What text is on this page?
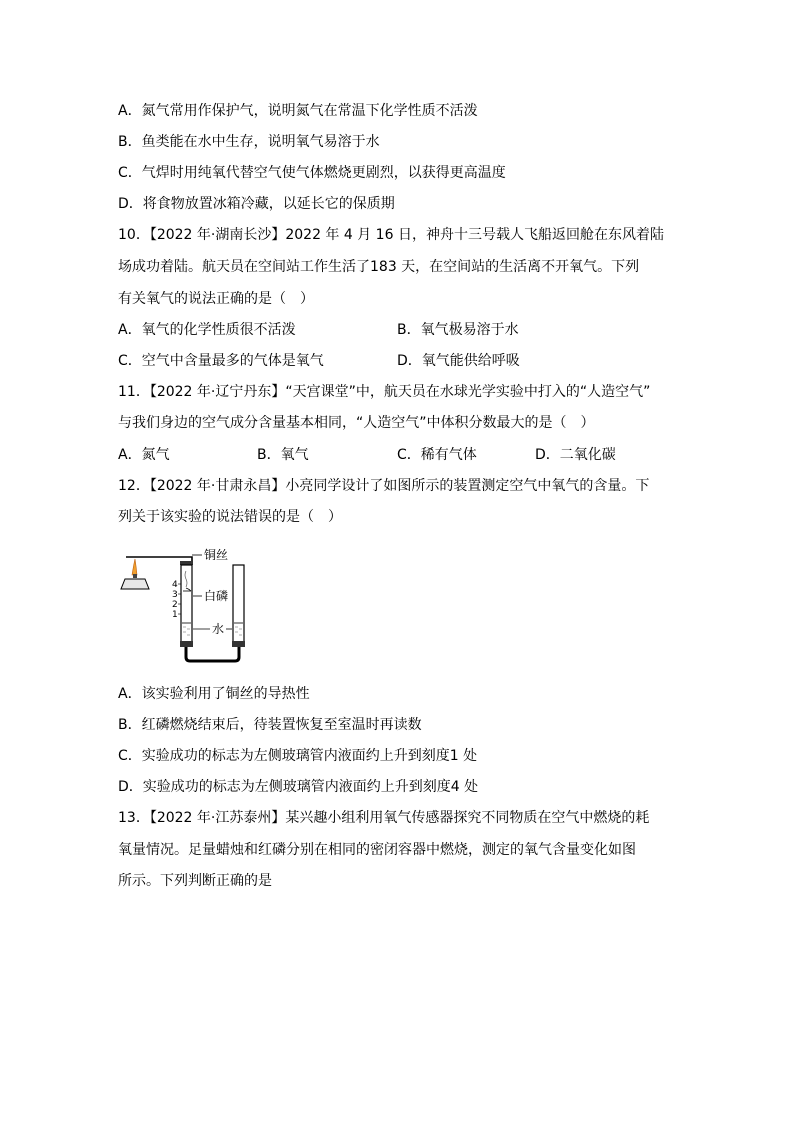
A．氮气常用作保护气，说明氮气在常温下化学性质不活泼
B．鱼类能在水中生存，说明氧气易溶于水
C．气焊时用纯氧代替空气使气体燃烧更剧烈，以获得更高温度
D．将食物放置冰箱冷藏，以延长它的保质期
10．【2022 年·湖南长沙】2022 年 4 月 16 日，神舟十三号载人飞船返回舱在东风着陆
场成功着陆。航天员在空间站工作生活了183 天，在空间站的生活离不开氧气。下列
有关氧气的说法正确的是（　）
A．氧气的化学性质很不活泼	B．氧气极易溶于水
C．空气中含量最多的气体是氧气	D．氧气能供给呼吸
11．【2022 年·辽宁丹东】“天宫课堂”中，航天员在水球光学实验中打入的“人造空气”
与我们身边的空气成分含量基本相同，“人造空气”中体积分数最大的是（　）
A．氮气	B．氧气	C．稀有气体	D．二氧化碳
12．【2022 年·甘肃永昌】小亮同学设计了如图所示的装置测定空气中氧气的含量。下
列关于该实验的说法错误的是（　）
铜丝
4
3
2
1
白磷
水
A．该实验利用了铜丝的导热性
B．红磷燃烧结束后，待装置恢复至室温时再读数
C．实验成功的标志为左侧玻璃管内液面约上升到刻度1 处
D．实验成功的标志为左侧玻璃管内液面约上升到刻度4 处
13．【2022 年·江苏泰州】某兴趣小组利用氧气传感器探究不同物质在空气中燃烧的耗
氧量情况。足量蜡烛和红磷分别在相同的密闭容器中燃烧，测定的氧气含量变化如图
所示。下列判断正确的是
